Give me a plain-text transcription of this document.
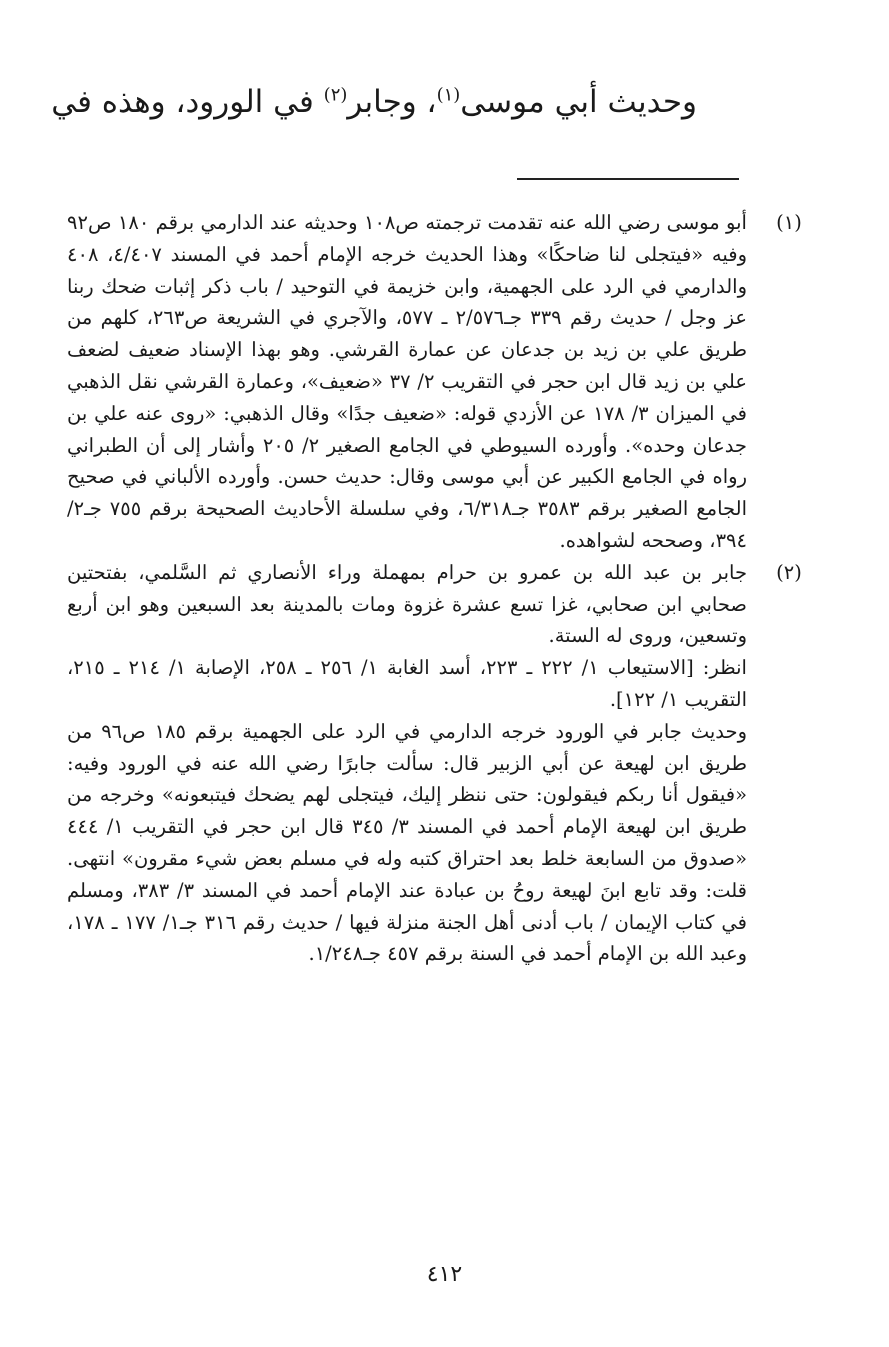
وحديث أبي موسى$^{(١)}$، وجابر$^{(٢)}$ في الورود، وهذه في
(١)

أبو موسى رضي الله عنه تقدمت ترجمته ص١٠٨ وحديثه عند الدارمي برقم ١٨٠ ص٩٢ وفيه «فيتجلى لنا ضاحكًا» وهذا الحديث خرجه الإمام أحمد في المسند ٤/٤٠٧، ٤٠٨ والدارمي في الرد على الجهمية، وابن خزيمة في التوحيد / باب ذكر إثبات ضحك ربنا عز وجل / حديث رقم ٣٣٩ جـ٢/٥٧٦ ـ ٥٧٧، والآجري في الشريعة ص٢٦٣، كلهم من طريق علي بن زيد بن جدعان عن عمارة القرشي. وهو بهذا الإسناد ضعيف لضعف علي بن زيد قال ابن حجر في التقريب ٢/ ٣٧ «ضعيف»، وعمارة القرشي نقل الذهبي في الميزان ٣/ ١٧٨ عن الأزدي قوله: «ضعيف جدًا» وقال الذهبي: «روى عنه علي بن جدعان وحده». وأورده السيوطي في الجامع الصغير ٢/ ٢٠٥ وأشار إلى أن الطبراني رواه في الجامع الكبير عن أبي موسى وقال: حديث حسن. وأورده الألباني في صحيح الجامع الصغير برقم ٣٥٨٣ جـ٦/٣١٨، وفي سلسلة الأحاديث الصحيحة برقم ٧٥٥ جـ٢/ ٣٩٤، وصححه لشواهده.

(٢)

جابر بن عبد الله بن عمرو بن حرام بمهملة وراء الأنصاري ثم السَّلمي، بفتحتين صحابي ابن صحابي، غزا تسع عشرة غزوة ومات بالمدينة بعد السبعين وهو ابن أربع وتسعين، وروى له الستة.

انظر: [الاستيعاب ١/ ٢٢٢ ـ ٢٢٣، أسد الغابة ١/ ٢٥٦ ـ ٢٥٨، الإصابة ١/ ٢١٤ ـ ٢١٥، التقريب ١/ ١٢٢].

وحديث جابر في الورود خرجه الدارمي في الرد على الجهمية برقم ١٨٥ ص٩٦ من طريق ابن لهيعة عن أبي الزبير قال: سألت جابرًا رضي الله عنه في الورود وفيه: «فيقول أنا ربكم فيقولون: حتى ننظر إليك، فيتجلى لهم يضحك فيتبعونه» وخرجه من طريق ابن لهيعة الإمام أحمد في المسند ٣/ ٣٤٥ قال ابن حجر في التقريب ١/ ٤٤٤ «صدوق من السابعة خلط بعد احتراق كتبه وله في مسلم بعض شيء مقرون» انتهى. قلت: وقد تابع ابنَ لهيعة روحُ بن عبادة عند الإمام أحمد في المسند ٣/ ٣٨٣، ومسلم في كتاب الإيمان / باب أدنى أهل الجنة منزلة فيها / حديث رقم ٣١٦ جـ١/ ١٧٧ ـ ١٧٨، وعبد الله بن الإمام أحمد في السنة برقم ٤٥٧ جـ١/٢٤٨.

٤١٢
